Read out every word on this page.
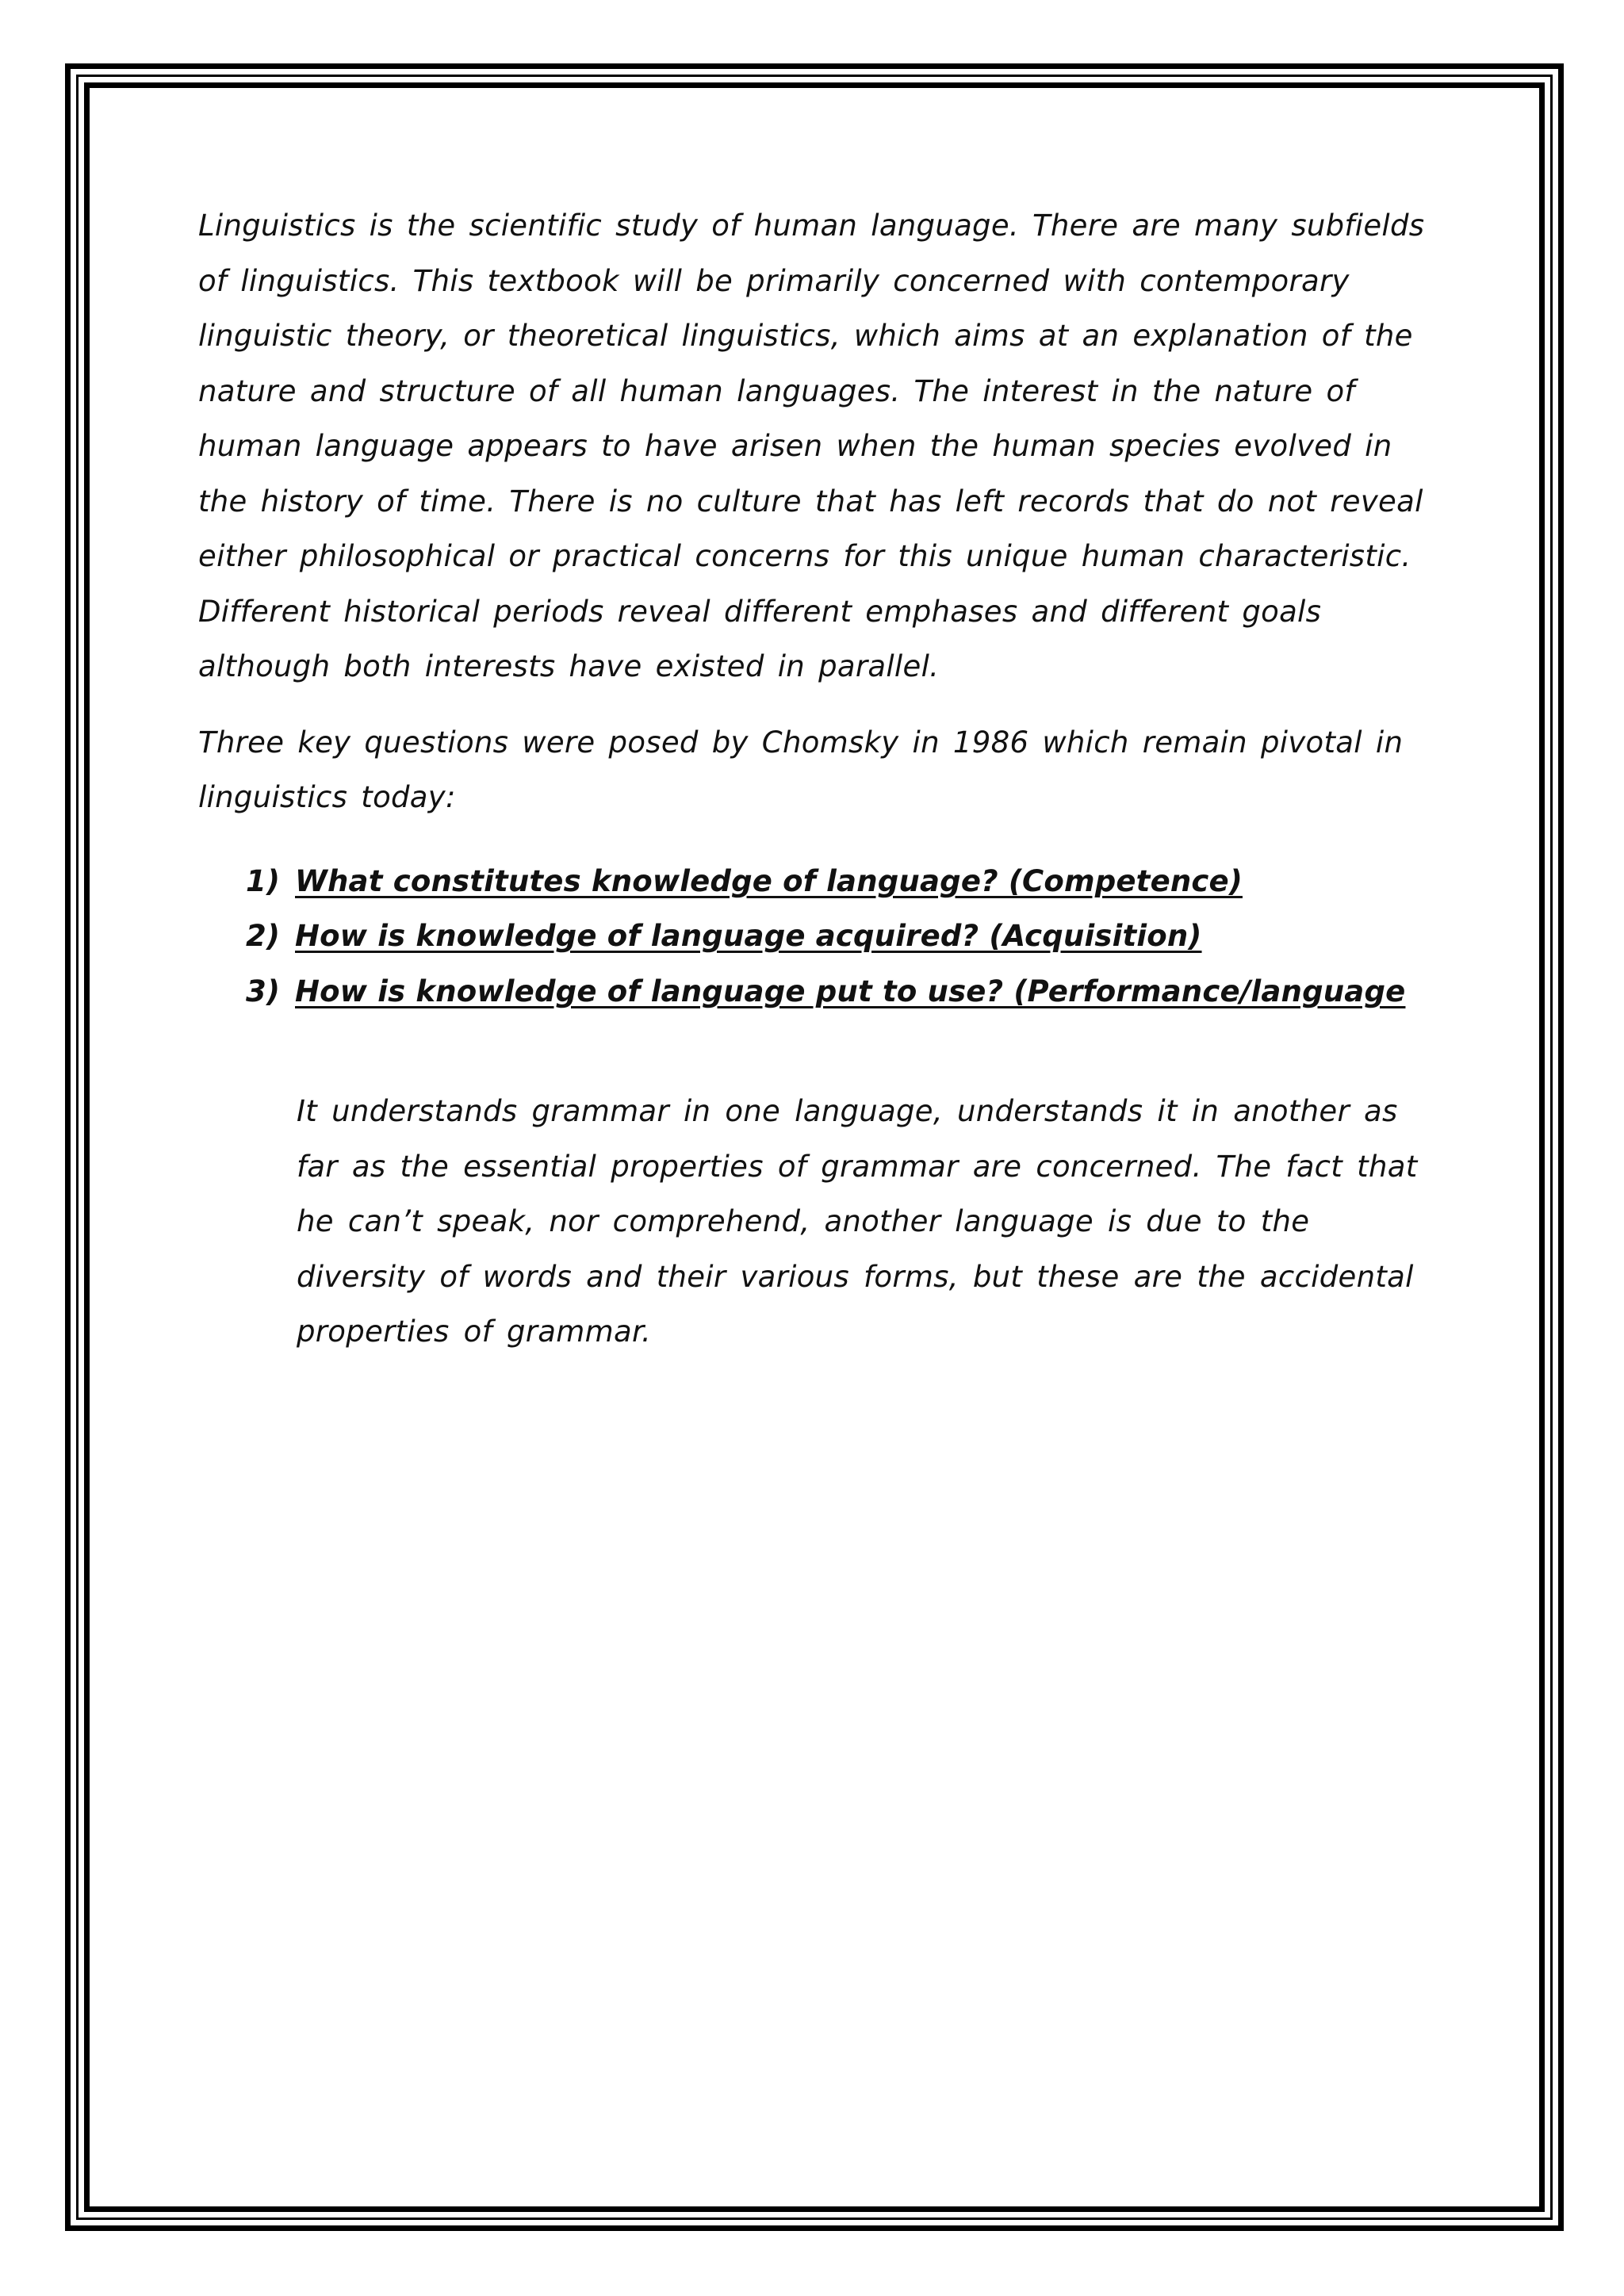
Linguistics is the scientific study of human language. There are many subfields of linguistics. This textbook will be primarily concerned with contemporary linguistic theory, or theoretical linguistics, which aims at an explanation of the nature and structure of all human languages. The interest in the nature of human language appears to have arisen when the human species evolved in the history of time. There is no culture that has left records that do not reveal either philosophical or practical concerns for this unique human characteristic. Different historical periods reveal different emphases and different goals although both interests have existed in parallel.

Three key questions were posed by Chomsky in 1986 which remain pivotal in linguistics today:

1) What constitutes knowledge of language? (Competence)
2) How is knowledge of language acquired? (Acquisition)
3) How is knowledge of language put to use? (Performance/language

It understands grammar in one language, understands it in another as far as the essential properties of grammar are concerned. The fact that he can’t speak, nor comprehend, another language is due to the diversity of words and their various forms, but these are the accidental properties of grammar.
